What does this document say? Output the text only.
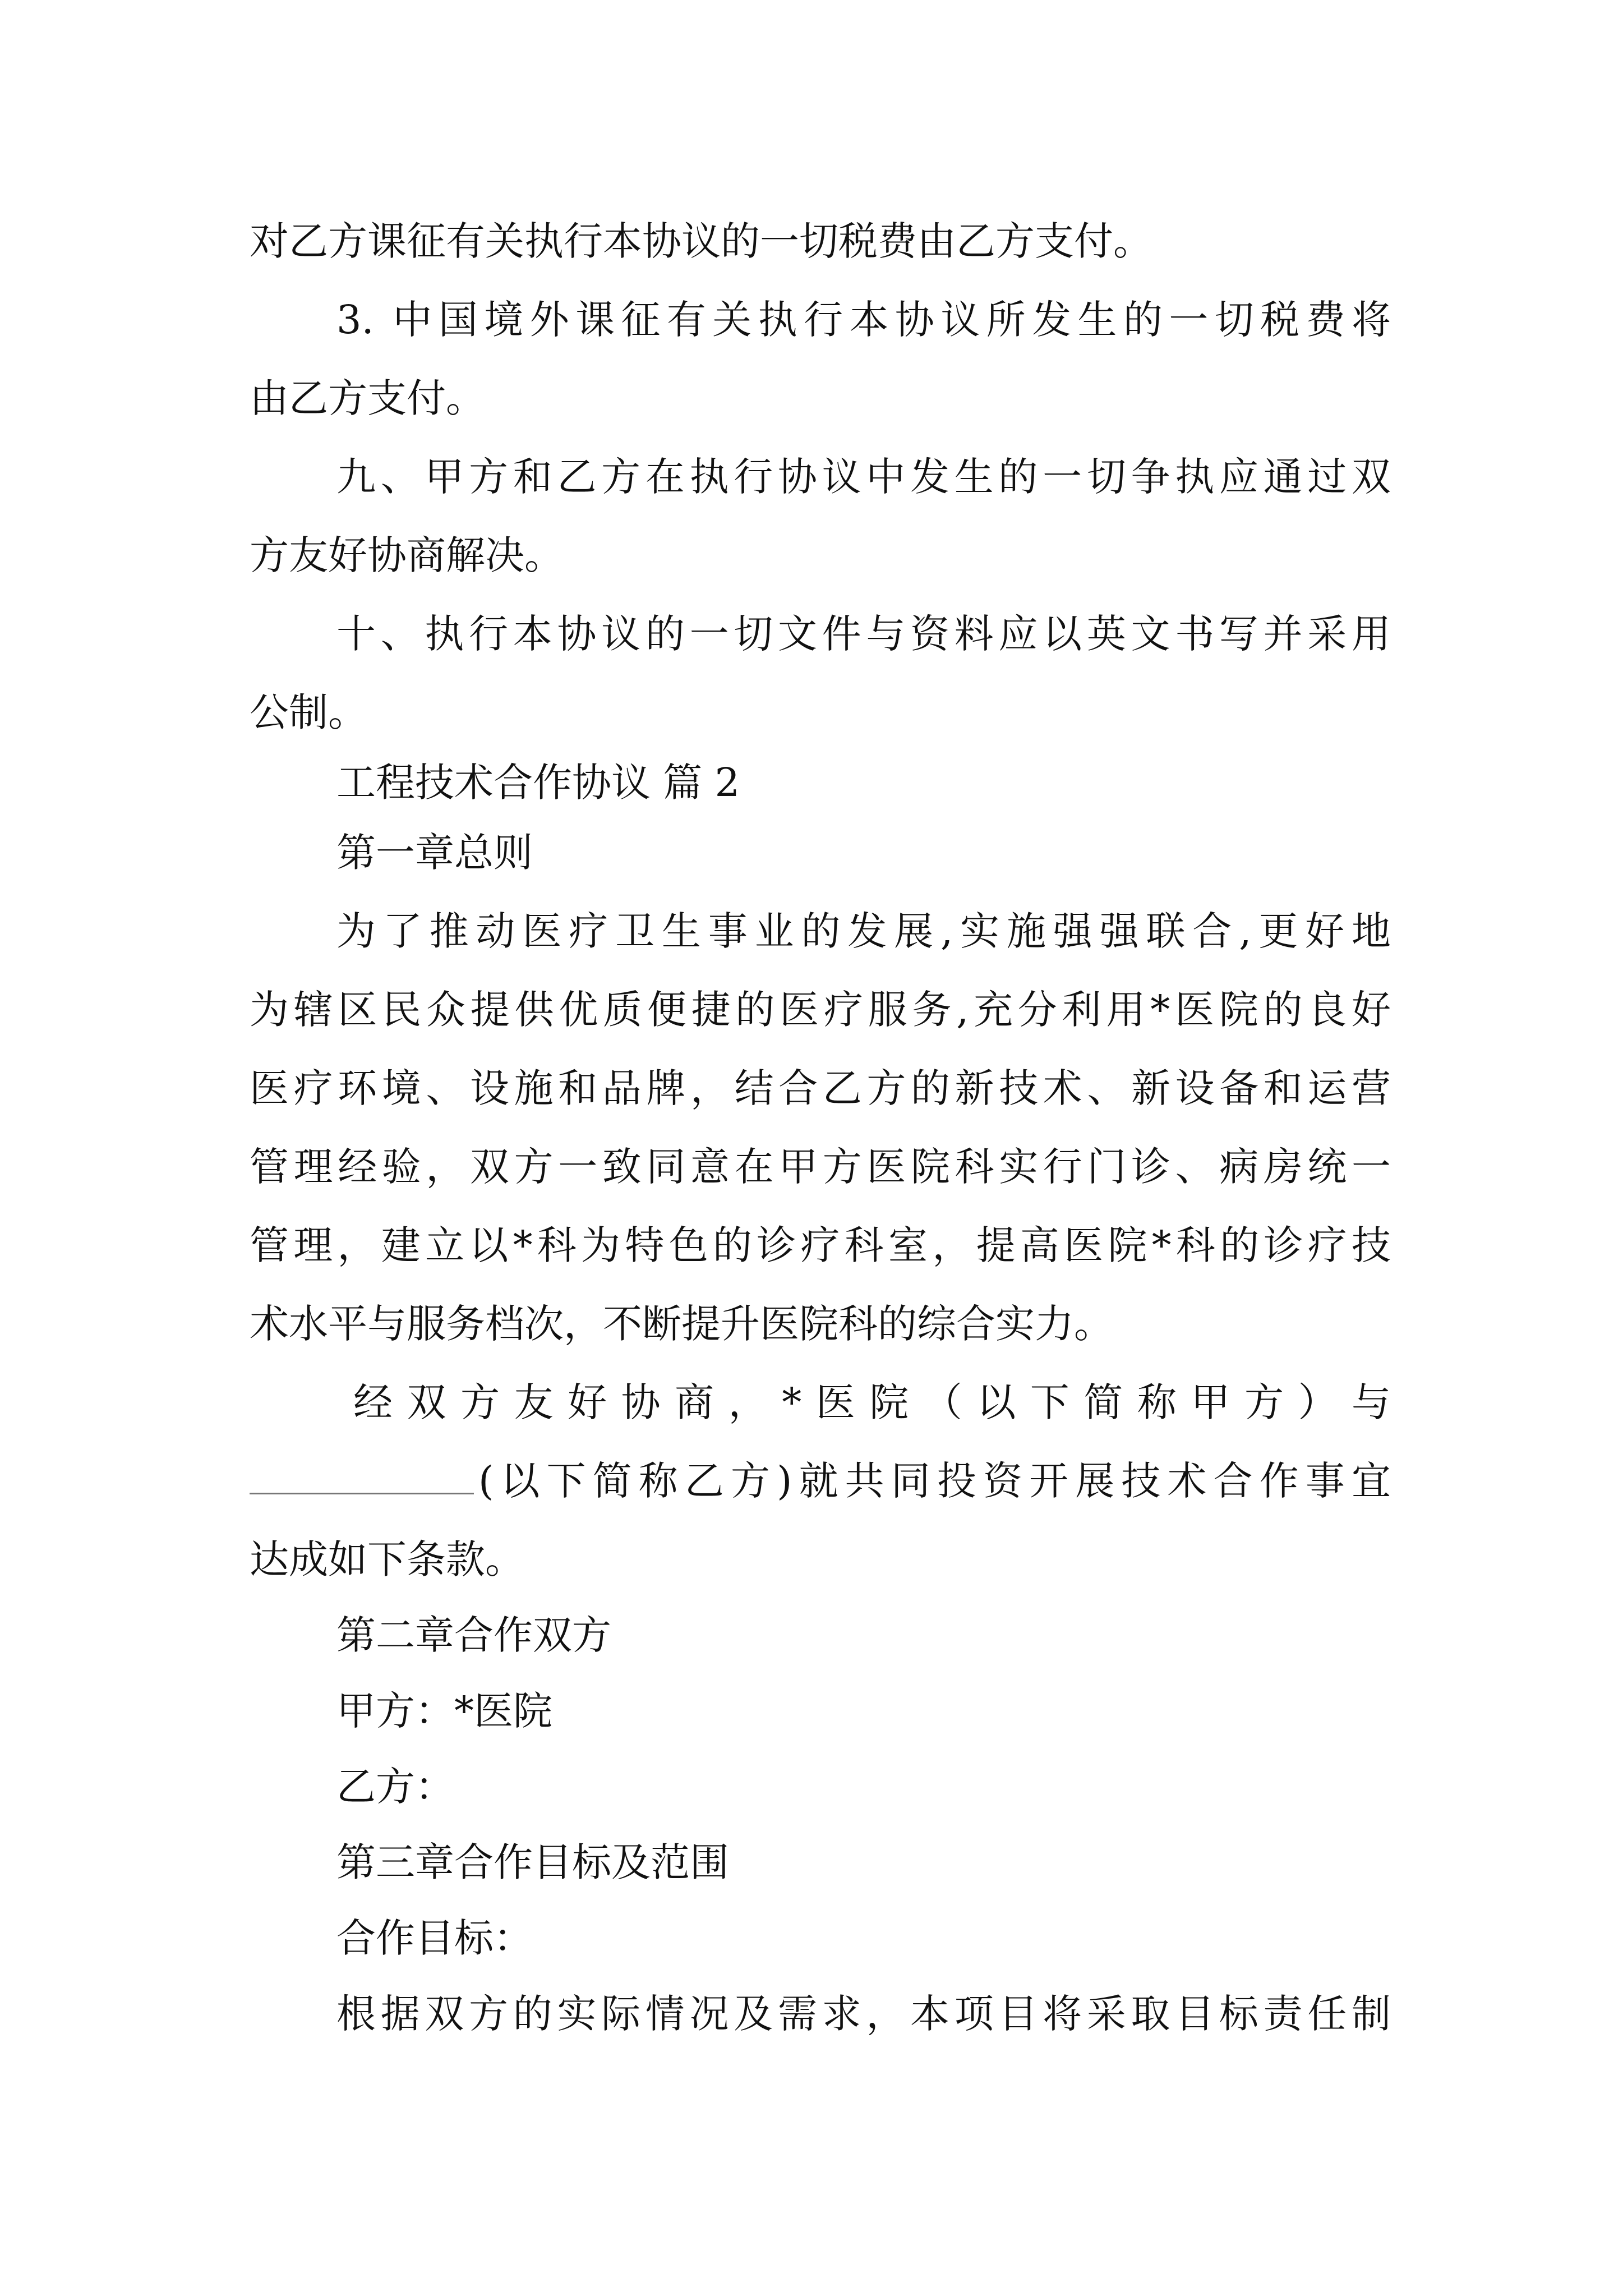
对乙方课征有关执行本协议的一切税费由乙方支付。
3. 中国境外课征有关执行本协议所发生的一切税费将
由乙方支付。
九、甲方和乙方在执行协议中发生的一切争执应通过双
方友好协商解决。
十、执行本协议的一切文件与资料应以英文书写并采用
公制。
工程技术合作协议 篇 2
第一章总则
为了推动医疗卫生事业的发展,实施强强联合,更好地
为辖区民众提供优质便捷的医疗服务,充分利用*医院的良好
医疗环境、设施和品牌，结合乙方的新技术、新设备和运营
管理经验，双方一致同意在甲方医院科实行门诊、病房统一
管理，建立以*科为特色的诊疗科室，提高医院*科的诊疗技
术水平与服务档次，不断提升医院科的综合实力。
经双方友好协商，*医院（以下简称甲方）与
(以下简称乙方)就共同投资开展技术合作事宜
达成如下条款。
第二章合作双方
甲方：*医院
乙方：
第三章合作目标及范围
合作目标：
根据双方的实际情况及需求，本项目将采取目标责任制
